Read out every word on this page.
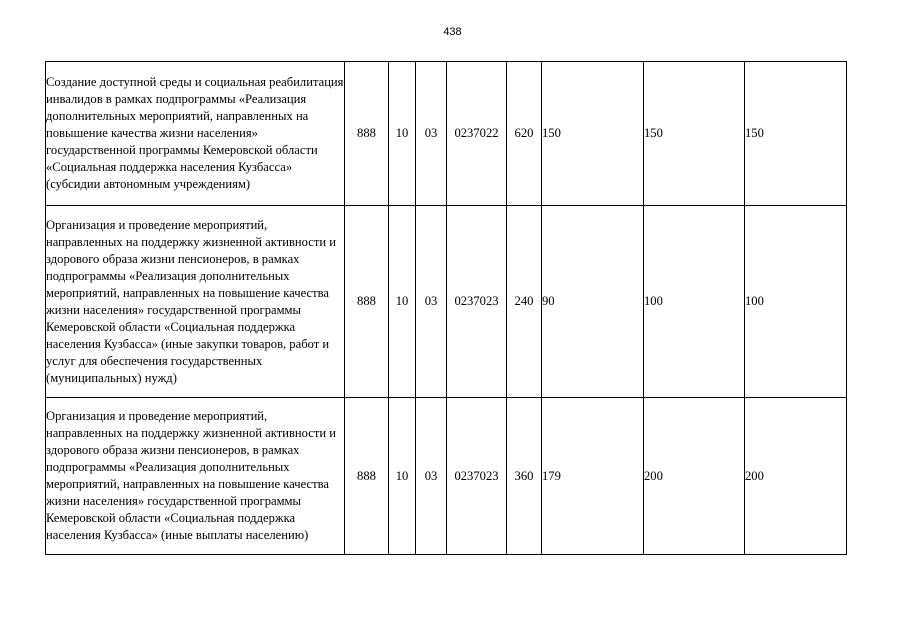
438
Создание доступной среды и социальная реабилитация инвалидов в рамках подпрограммы «Реализация дополнительных мероприятий, направленных на повышение качества жизни населения» государственной программы Кемеровской области «Социальная поддержка населения Кузбасса» (субсидии автономным учреждениям)	888	10	03	0237022	620	150	150	150
Организация и проведение мероприятий, направленных на поддержку жизненной активности и здорового образа жизни пенсионеров, в рамках подпрограммы «Реализация дополнительных мероприятий, направленных на повышение качества жизни населения» государственной программы Кемеровской области «Социальная поддержка населения Кузбасса» (иные закупки товаров, работ и услуг для обеспечения государственных (муниципальных) нужд)	888	10	03	0237023	240	90	100	100
Организация и проведение мероприятий, направленных на поддержку жизненной активности и здорового образа жизни пенсионеров, в рамках подпрограммы «Реализация дополнительных мероприятий, направленных на повышение качества жизни населения» государственной программы Кемеровской области «Социальная поддержка населения Кузбасса» (иные выплаты населению)	888	10	03	0237023	360	179	200	200
